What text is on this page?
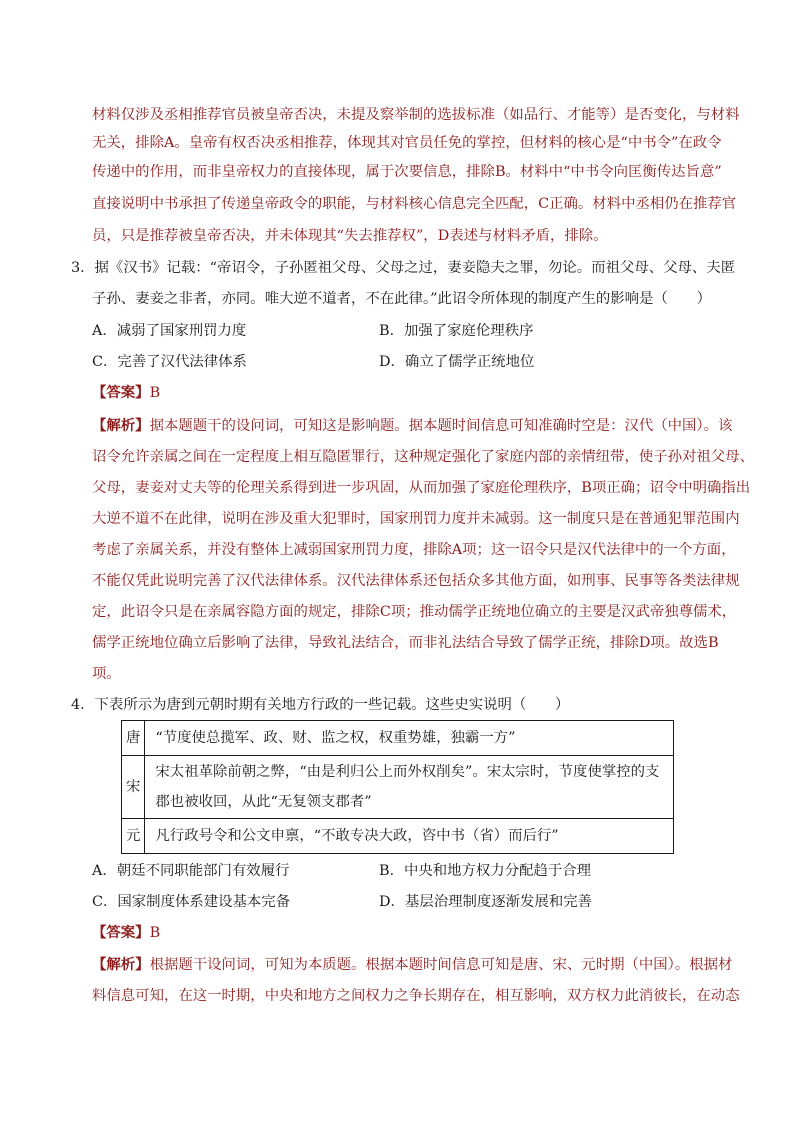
材料仅涉及丞相推荐官员被皇帝否决，未提及察举制的选拔标准（如品行、才能等）是否变化，与材料
无关，排除A。皇帝有权否决丞相推荐，体现其对官员任免的掌控，但材料的核心是“中书令”在政令
传递中的作用，而非皇帝权力的直接体现，属于次要信息，排除B。材料中“中书令向匡衡传达旨意”
直接说明中书承担了传递皇帝政令的职能，与材料核心信息完全匹配，C正确。材料中丞相仍在推荐官
员，只是推荐被皇帝否决，并未体现其“失去推荐权”，D表述与材料矛盾，排除。
3．据《汉书》记载：“帝诏令，子孙匿祖父母、父母之过，妻妾隐夫之罪，勿论。而祖父母、父母、夫匿
子孙、妻妾之非者，亦同。唯大逆不道者，不在此律。”此诏令所体现的制度产生的影响是（　　）
A．减弱了国家刑罚力度	B．加强了家庭伦理秩序
C．完善了汉代法律体系	D．确立了儒学正统地位
【答案】B
【解析】据本题题干的设问词，可知这是影响题。据本题时间信息可知准确时空是：汉代（中国）。该
诏令允许亲属之间在一定程度上相互隐匿罪行，这种规定强化了家庭内部的亲情纽带，使子孙对祖父母、
父母，妻妾对丈夫等的伦理关系得到进一步巩固，从而加强了家庭伦理秩序，B项正确；诏令中明确指出
大逆不道不在此律，说明在涉及重大犯罪时，国家刑罚力度并未减弱。这一制度只是在普通犯罪范围内
考虑了亲属关系，并没有整体上减弱国家刑罚力度，排除A项；这一诏令只是汉代法律中的一个方面，
不能仅凭此说明完善了汉代法律体系。汉代法律体系还包括众多其他方面，如刑事、民事等各类法律规
定，此诏令只是在亲属容隐方面的规定，排除C项；推动儒学正统地位确立的主要是汉武帝独尊儒术，
儒学正统地位确立后影响了法律，导致礼法结合，而非礼法结合导致了儒学正统，排除D项。故选B
项。
4．下表所示为唐到元朝时期有关地方行政的一些记载。这些史实说明（　　）
唐	“节度使总揽军、政、财、监之权，权重势雄，独霸一方”
宋	宋太祖革除前朝之弊，“由是利归公上而外权削矣”。宋太宗时，节度使掌控的支
郡也被收回，从此“无复领支郡者”

元	凡行政号令和公文申禀，“不敢专决大政，咨中书（省）而后行”
A．朝廷不同职能部门有效履行	B．中央和地方权力分配趋于合理
C．国家制度体系建设基本完备	D．基层治理制度逐渐发展和完善
【答案】B
【解析】根据题干设问词，可知为本质题。根据本题时间信息可知是唐、宋、元时期（中国）。根据材
料信息可知，在这一时期，中央和地方之间权力之争长期存在，相互影响，双方权力此消彼长，在动态
